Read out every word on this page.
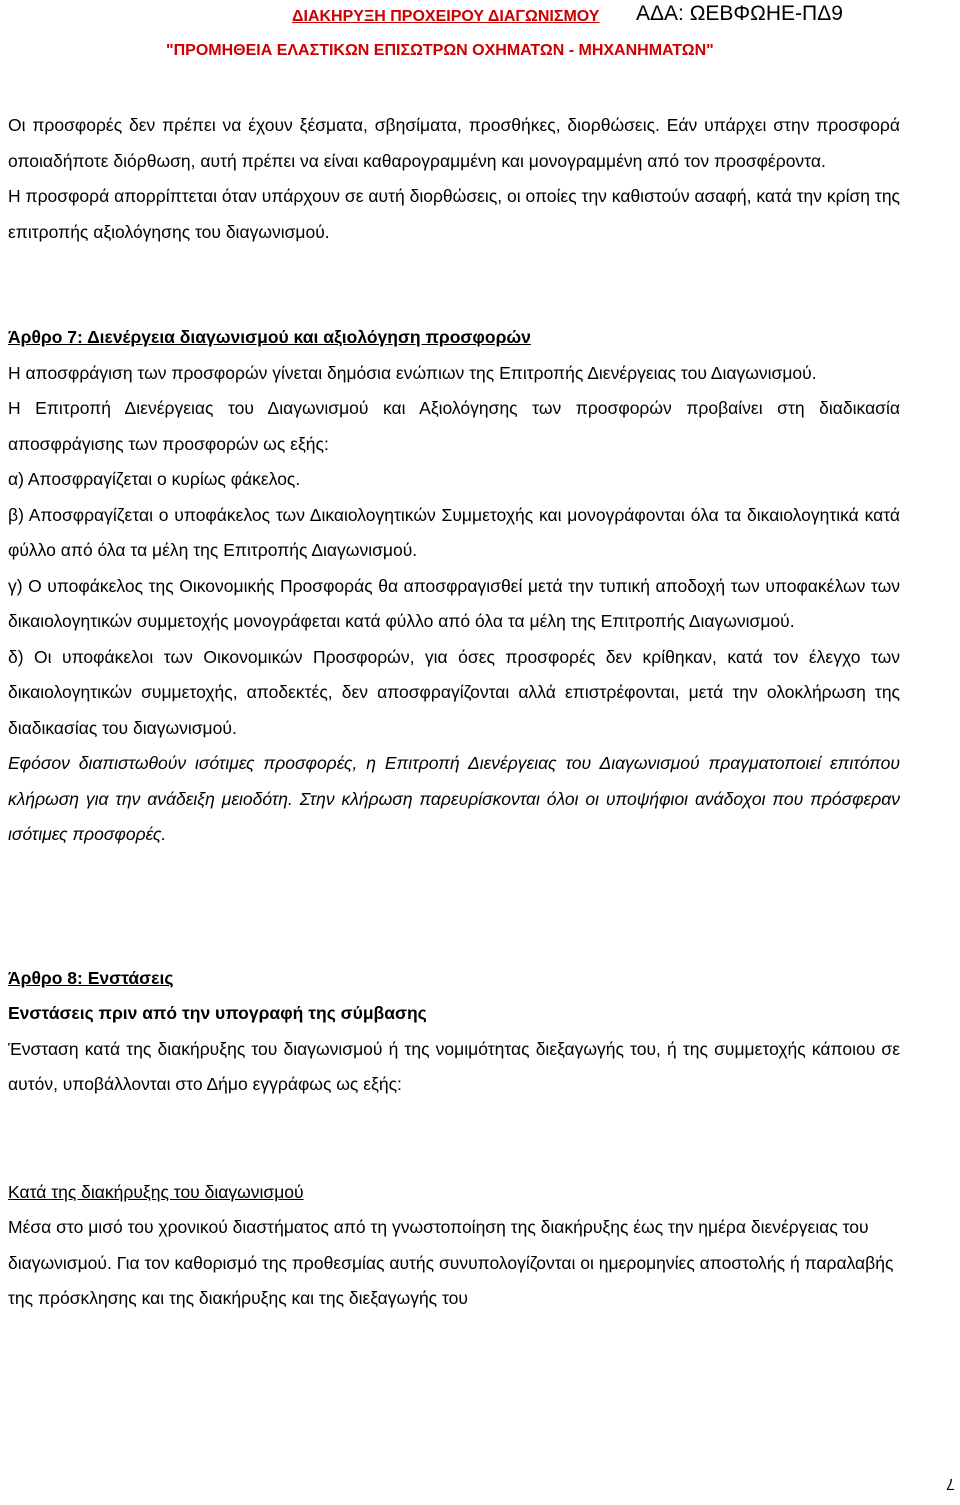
ΔΙΑΚΗΡΥΞΗ ΠΡΟΧΕΙΡΟΥ ΔΙΑΓΩΝΙΣΜΟΥ ΑΔΑ: ΩΕΒΦΩΗΕ-ΠΔ9
"ΠΡΟΜΗΘΕΙΑ ΕΛΑΣΤΙΚΩΝ ΕΠΙΣΩΤΡΩΝ ΟΧΗΜΑΤΩΝ - ΜΗΧΑΝΗΜΑΤΩΝ"

Οι προσφορές δεν πρέπει να έχουν ξέσματα, σβησίματα, προσθήκες, διορθώσεις. Εάν υπάρχει στην προσφορά οποιαδήποτε διόρθωση, αυτή πρέπει να είναι καθαρογραμμένη και μονογραμμένη από τον προσφέροντα.

Η προσφορά απορρίπτεται όταν υπάρχουν σε αυτή διορθώσεις, οι οποίες την καθιστούν ασαφή, κατά την κρίση της επιτροπής αξιολόγησης του διαγωνισμού.

Άρθρο 7: Διενέργεια διαγωνισμού και αξιολόγηση προσφορών

Η αποσφράγιση των προσφορών γίνεται δημόσια ενώπιων της Επιτροπής Διενέργειας του Διαγωνισμού.

Η Επιτροπή Διενέργειας του Διαγωνισμού και Αξιολόγησης των προσφορών προβαίνει στη διαδικασία αποσφράγισης των προσφορών ως εξής:

α) Αποσφραγίζεται ο κυρίως φάκελος.

β) Αποσφραγίζεται ο υποφάκελος των Δικαιολογητικών Συμμετοχής και μονογράφονται όλα τα δικαιολογητικά κατά φύλλο από όλα τα μέλη της Επιτροπής Διαγωνισμού.

γ) Ο υποφάκελος της Οικονομικής Προσφοράς θα αποσφραγισθεί μετά την τυπική αποδοχή των υποφακέλων των δικαιολογητικών συμμετοχής μονογράφεται κατά φύλλο από όλα τα μέλη της Επιτροπής Διαγωνισμού.

δ) Οι υποφάκελοι των Οικονομικών Προσφορών, για όσες προσφορές δεν κρίθηκαν, κατά τον έλεγχο των δικαιολογητικών συμμετοχής, αποδεκτές, δεν αποσφραγίζονται αλλά επιστρέφονται, μετά την ολοκλήρωση της διαδικασίας του διαγωνισμού.

Εφόσον διαπιστωθούν ισότιμες προσφορές, η Επιτροπή Διενέργειας του Διαγωνισμού πραγματοποιεί επιτόπου κλήρωση για την ανάδειξη μειοδότη. Στην κλήρωση παρευρίσκονται όλοι οι υποψήφιοι ανάδοχοι που πρόσφεραν ισότιμες προσφορές.

Άρθρο 8: Ενστάσεις

Ενστάσεις πριν από την υπογραφή της σύμβασης

Ένσταση κατά της διακήρυξης του διαγωνισμού ή της νομιμότητας διεξαγωγής του, ή της συμμετοχής κάποιου σε αυτόν, υποβάλλονται στο Δήμο εγγράφως ως εξής:

Κατά της διακήρυξης του διαγωνισμού

Μέσα στο μισό του χρονικού διαστήματος από τη γνωστοποίηση της διακήρυξης έως την ημέρα διενέργειας του διαγωνισμού. Για τον καθορισμό της προθεσμίας αυτής συνυπολογίζονται οι ημερομηνίες αποστολής ή παραλαβής της πρόσκλησης και της διακήρυξης και της διεξαγωγής του

7
